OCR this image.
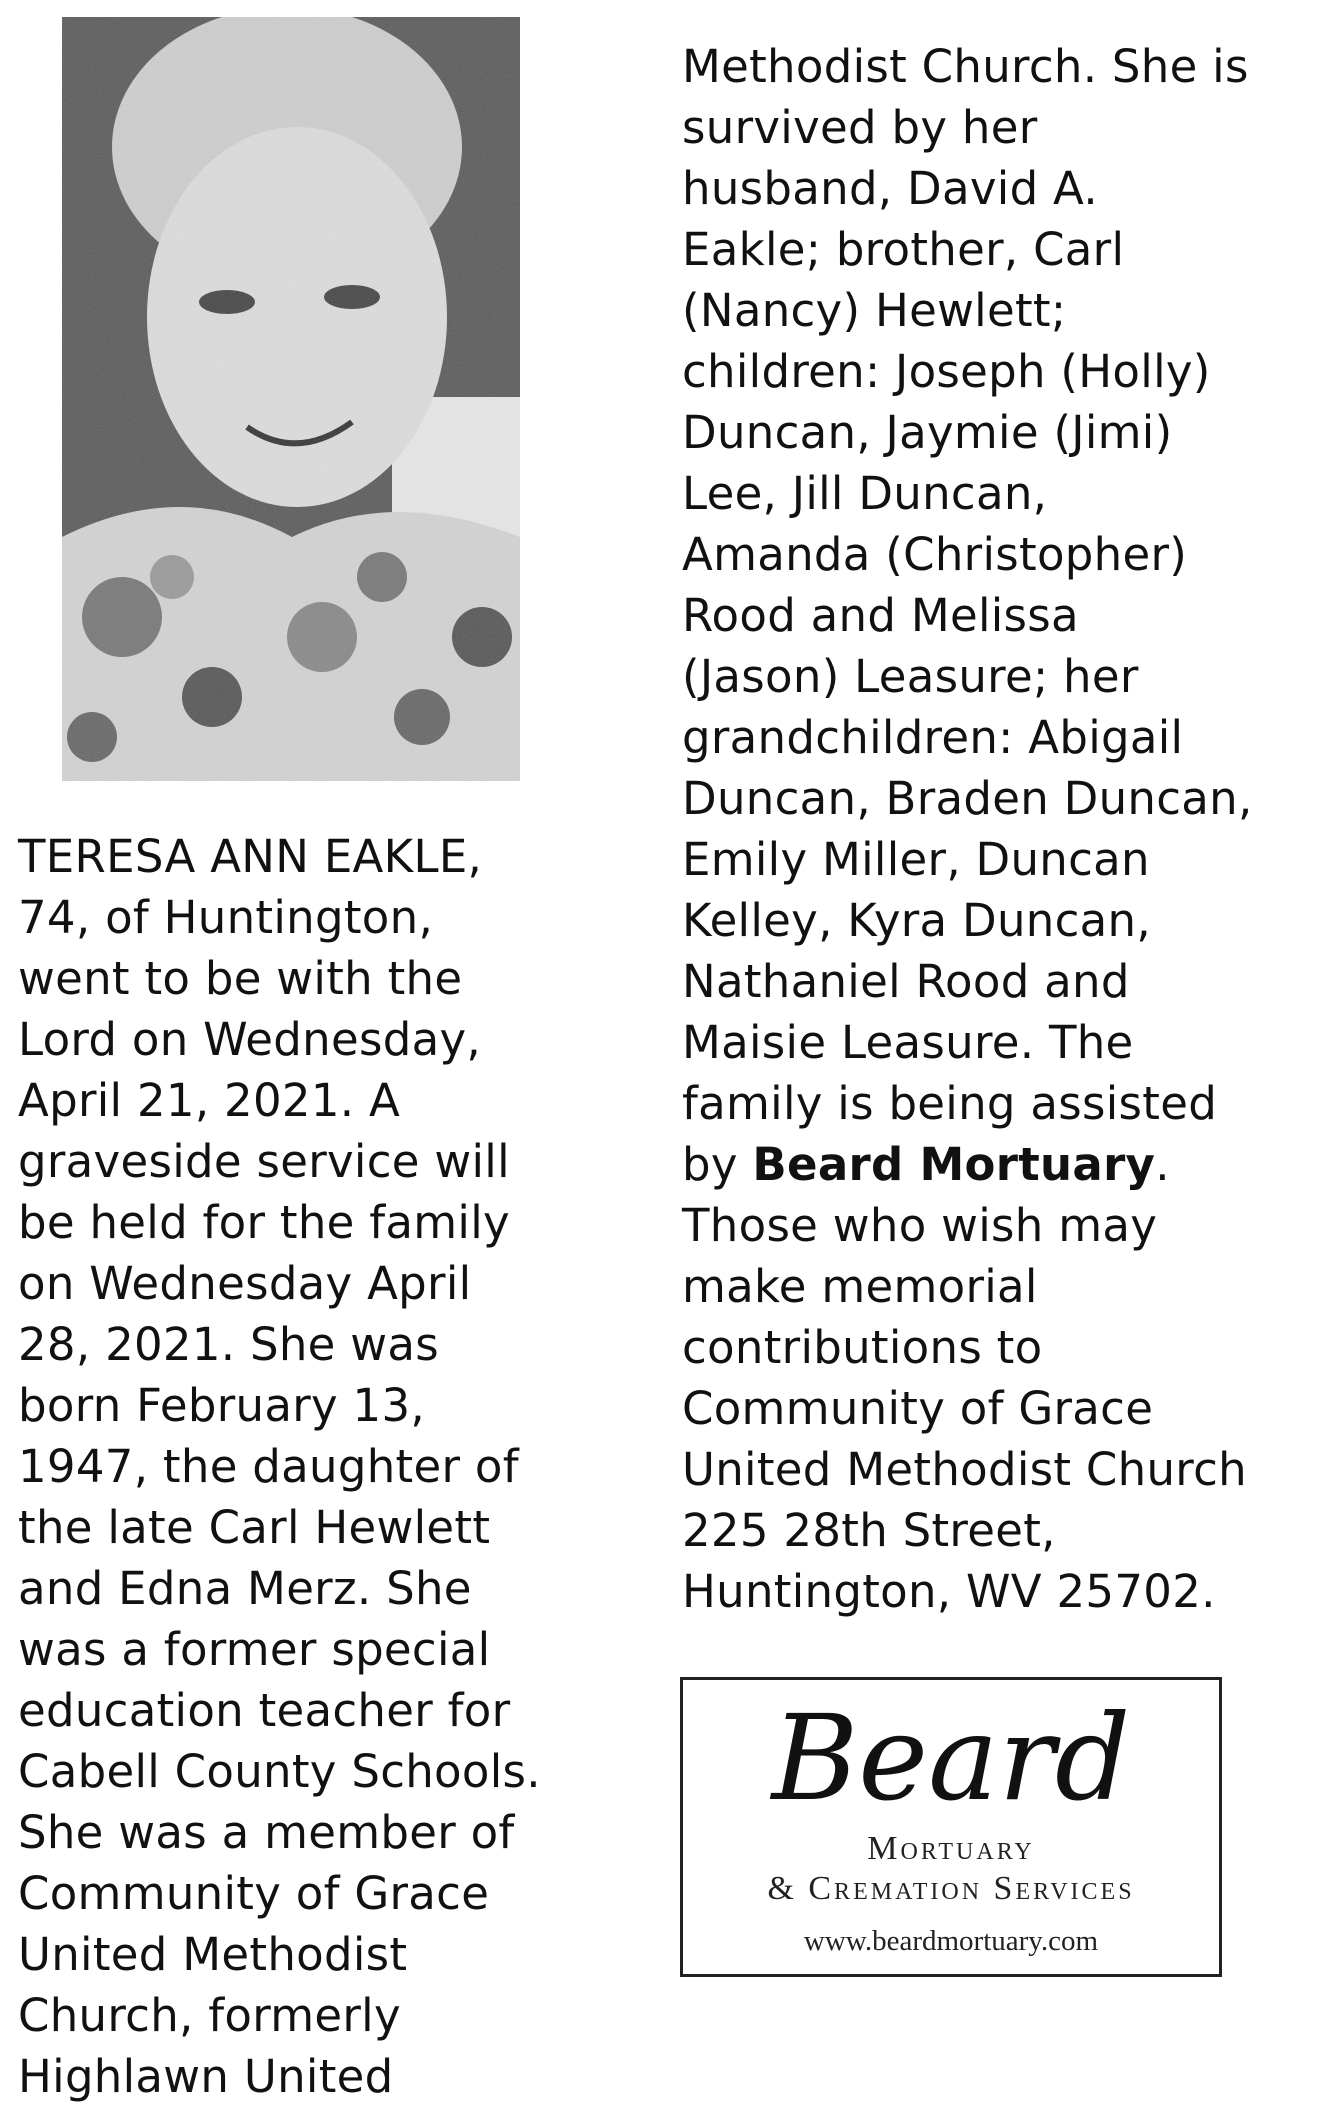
TERESA ANN EAKLE,
74, of Huntington,
went to be with the
Lord on Wednesday,
April 21, 2021. A
graveside service will
be held for the family
on Wednesday April
28, 2021. She was
born February 13,
1947, the daughter of
the late Carl Hewlett
and Edna Merz. She
was a former special
education teacher for
Cabell County Schools.
She was a member of
Community of Grace
United Methodist
Church, formerly
Highlawn United
Methodist Church. She is
survived by her
husband, David A.
Eakle; brother, Carl
(Nancy) Hewlett;
children: Joseph (Holly)
Duncan, Jaymie (Jimi)
Lee, Jill Duncan,
Amanda (Christopher)
Rood and Melissa
(Jason) Leasure; her
grandchildren: Abigail
Duncan, Braden Duncan,
Emily Miller, Duncan
Kelley, Kyra Duncan,
Nathaniel Rood and
Maisie Leasure. The
family is being assisted
by Beard Mortuary.
Those who wish may
make memorial
contributions to
Community of Grace
United Methodist Church
225 28th Street,
Huntington, WV 25702.
Beard
Mortuary
& Cremation Services
www.beardmortuary.com
